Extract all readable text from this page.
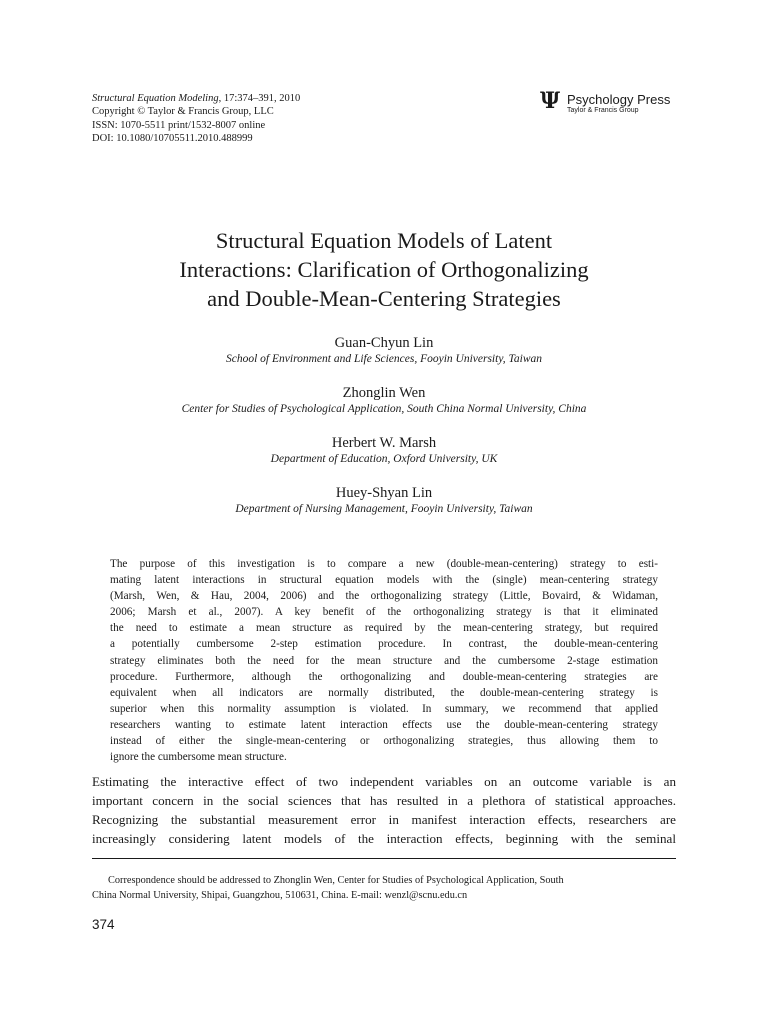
Structural Equation Modeling, 17:374–391, 2010
Copyright © Taylor & Francis Group, LLC
ISSN: 1070-5511 print/1532-8007 online
DOI: 10.1080/10705511.2010.488999
Ψ Psychology Press
Taylor & Francis Group
Structural Equation Models of Latent
Interactions: Clarification of Orthogonalizing
and Double-Mean-Centering Strategies
Guan-Chyun Lin
School of Environment and Life Sciences, Fooyin University, Taiwan
Zhonglin Wen
Center for Studies of Psychological Application, South China Normal University, China
Herbert W. Marsh
Department of Education, Oxford University, UK
Huey-Shyan Lin
Department of Nursing Management, Fooyin University, Taiwan
The purpose of this investigation is to compare a new (double-mean-centering) strategy to esti-
mating latent interactions in structural equation models with the (single) mean-centering strategy
(Marsh, Wen, & Hau, 2004, 2006) and the orthogonalizing strategy (Little, Bovaird, & Widaman,
2006; Marsh et al., 2007). A key benefit of the orthogonalizing strategy is that it eliminated
the need to estimate a mean structure as required by the mean-centering strategy, but required
a potentially cumbersome 2-step estimation procedure. In contrast, the double-mean-centering
strategy eliminates both the need for the mean structure and the cumbersome 2-stage estimation
procedure. Furthermore, although the orthogonalizing and double-mean-centering strategies are
equivalent when all indicators are normally distributed, the double-mean-centering strategy is
superior when this normality assumption is violated. In summary, we recommend that applied
researchers wanting to estimate latent interaction effects use the double-mean-centering strategy
instead of either the single-mean-centering or orthogonalizing strategies, thus allowing them to
ignore the cumbersome mean structure.
Estimating the interactive effect of two independent variables on an outcome variable is an
important concern in the social sciences that has resulted in a plethora of statistical approaches.
Recognizing the substantial measurement error in manifest interaction effects, researchers are
increasingly considering latent models of the interaction effects, beginning with the seminal
Correspondence should be addressed to Zhonglin Wen, Center for Studies of Psychological Application, South
China Normal University, Shipai, Guangzhou, 510631, China. E-mail: wenzl@scnu.edu.cn
374
